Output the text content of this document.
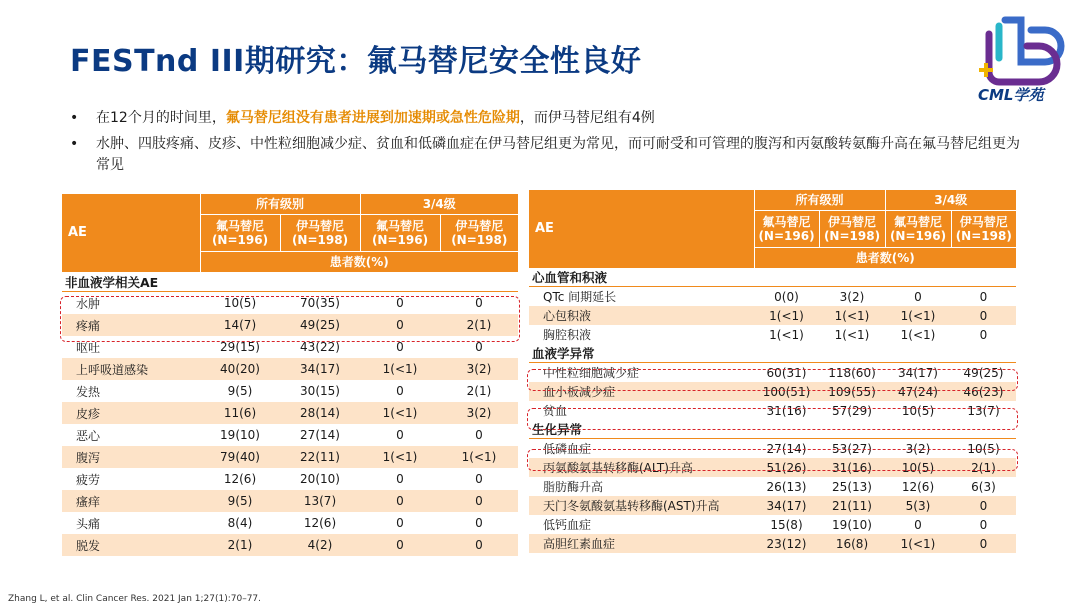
FESTnd III期研究：氟马替尼安全性良好
CML学苑
• 在12个月的时间里，氟马替尼组没有患者进展到加速期或急性危险期，而伊马替尼组有4例
• 水肿、四肢疼痛、皮疹、中性粒细胞减少症、贫血和低磷血症在伊马替尼组更为常见，而可耐受和可管理的腹泻和丙氨酸转氨酶升高在氟马替尼组更为常见
AE	所有级别		3/4级	
	氟马替尼
(N=196)	伊马替尼
(N=198)	氟马替尼
(N=196)	伊马替尼
(N=198)
	患者数(%)			
非血液学相关AE				
水肿	10(5)	70(35)	0	0
疼痛	14(7)	49(25)	0	2(1)
呕吐	29(15)	43(22)	0	0
上呼吸道感染	40(20)	34(17)	1(<1)	3(2)
发热	9(5)	30(15)	0	2(1)
皮疹	11(6)	28(14)	1(<1)	3(2)
恶心	19(10)	27(14)	0	0
腹泻	79(40)	22(11)	1(<1)	1(<1)
疲劳	12(6)	20(10)	0	0
瘙痒	9(5)	13(7)	0	0
头痛	8(4)	12(6)	0	0
脱发	2(1)	4(2)	0	0
AE	所有级别		3/4级	
	氟马替尼
(N=196)	伊马替尼
(N=198)	氟马替尼
(N=196)	伊马替尼
(N=198)
	患者数(%)			
心血管和积液				
QTc 间期延长	0(0)	3(2)	0	0
心包积液	1(<1)	1(<1)	1(<1)	0
胸腔积液	1(<1)	1(<1)	1(<1)	0
血液学异常				
中性粒细胞减少症	60(31)	118(60)	34(17)	49(25)
血小板减少症	100(51)	109(55)	47(24)	46(23)
贫血	31(16)	57(29)	10(5)	13(7)
生化异常				
低磷血症	27(14)	53(27)	3(2)	10(5)
丙氨酸氨基转移酶(ALT)升高	51(26)	31(16)	10(5)	2(1)
脂肪酶升高	26(13)	25(13)	12(6)	6(3)
天门冬氨酸氨基转移酶(AST)升高	34(17)	21(11)	5(3)	0
低钙血症	15(8)	19(10)	0	0
高胆红素血症	23(12)	16(8)	1(<1)	0
Zhang L, et al. Clin Cancer Res. 2021 Jan 1;27(1):70–77.
